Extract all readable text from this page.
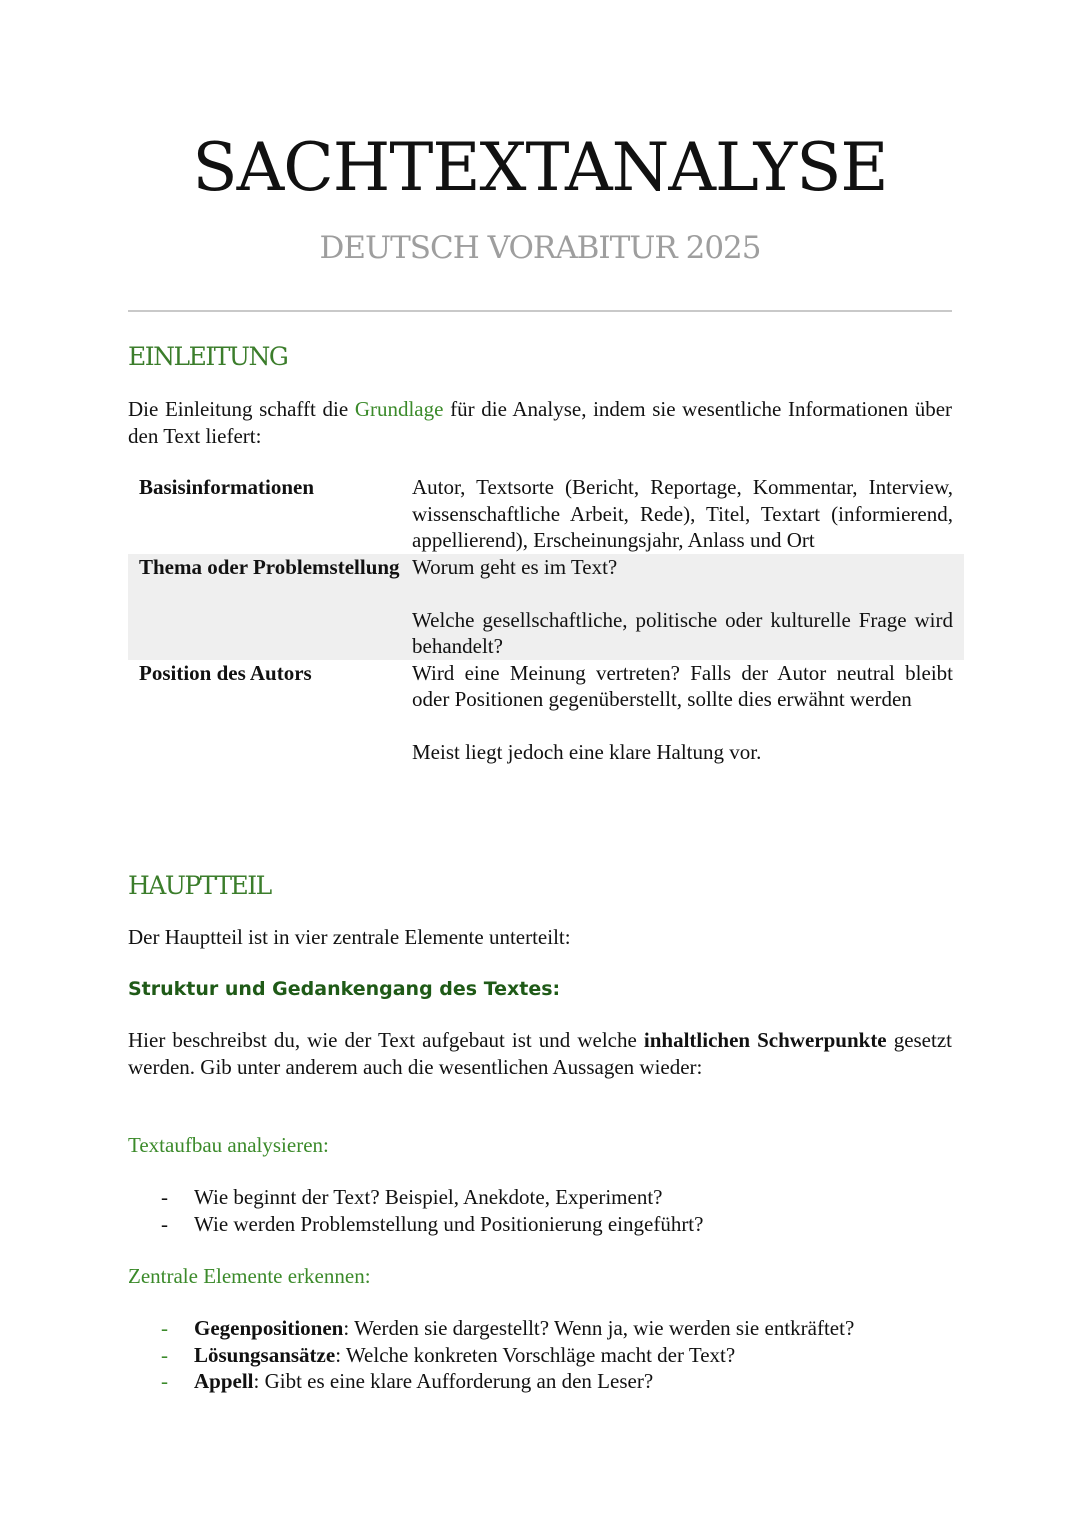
SACHTEXTANALYSE
DEUTSCH VORABITUR 2025
EINLEITUNG
Die Einleitung schafft die Grundlage für die Analyse, indem sie wesentliche Informationen über den Text liefert:
Basisinformationen	Autor, Textsorte (Bericht, Reportage, Kommentar, Interview, wissenschaftliche Arbeit, Rede), Titel, Textart (informierend, appellierend), Erscheinungsjahr, Anlass und Ort
Thema oder Problemstellung Worum geht es im Text?
Welche gesellschaftliche, politische oder kulturelle Frage wird behandelt?
Position des Autors	Wird eine Meinung vertreten? Falls der Autor neutral bleibt oder Positionen gegenüberstellt, sollte dies erwähnt werden
Meist liegt jedoch eine klare Haltung vor.
HAUPTTEIL
Der Hauptteil ist in vier zentrale Elemente unterteilt:
Struktur und Gedankengang des Textes:
Hier beschreibst du, wie der Text aufgebaut ist und welche inhaltlichen Schwerpunkte gesetzt werden. Gib unter anderem auch die wesentlichen Aussagen wieder:
Textaufbau analysieren:
- Wie beginnt der Text? Beispiel, Anekdote, Experiment?
- Wie werden Problemstellung und Positionierung eingeführt?
Zentrale Elemente erkennen:
- Gegenpositionen: Werden sie dargestellt? Wenn ja, wie werden sie entkräftet?
- Lösungsansätze: Welche konkreten Vorschläge macht der Text?
- Appell: Gibt es eine klare Aufforderung an den Leser?
